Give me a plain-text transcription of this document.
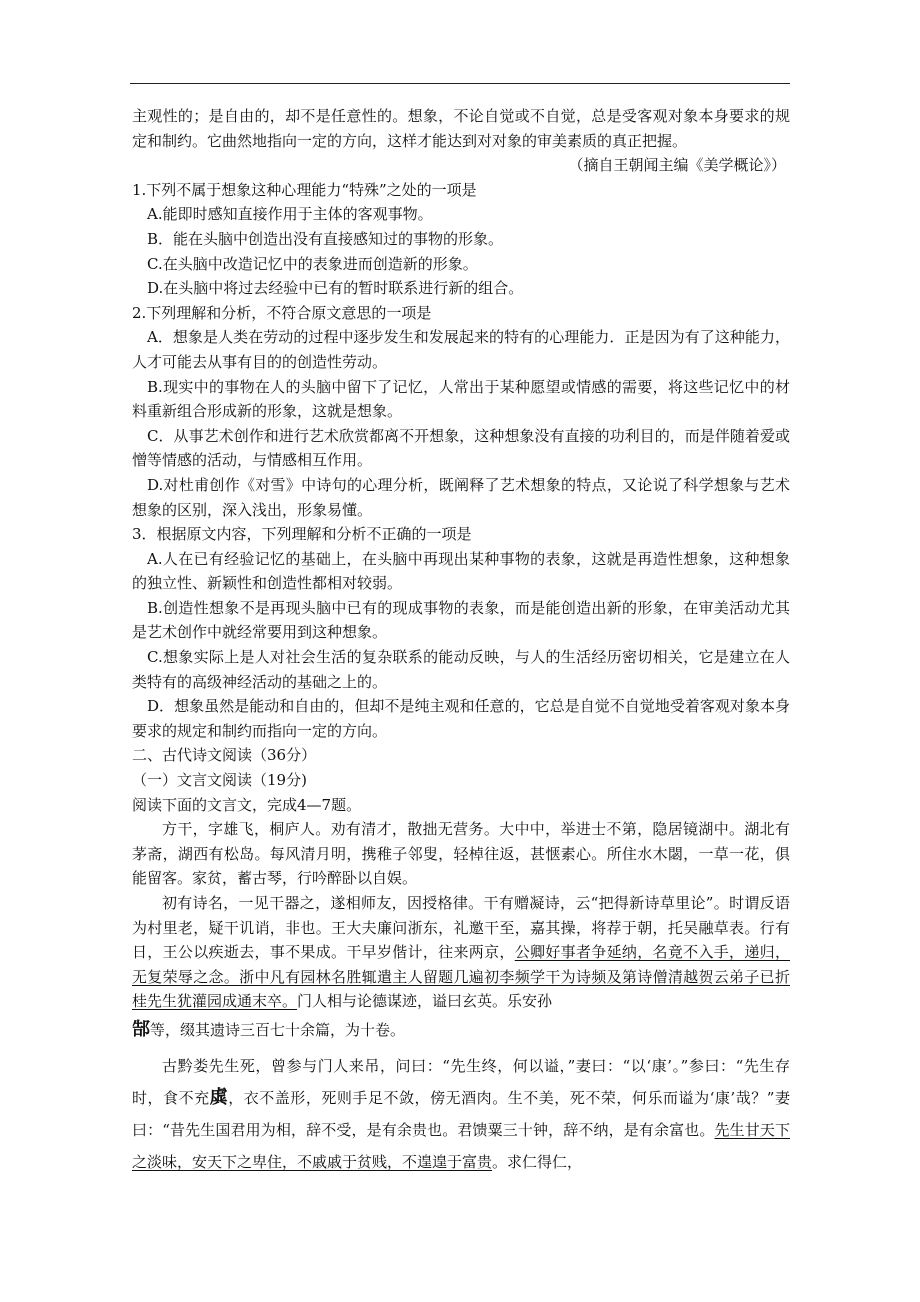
主观性的；是自由的，却不是任意性的。想象，不论自觉或不自觉，总是受客观对象本身要求的规定和制约。它曲然地指向一定的方向，这样才能达到对对象的审美素质的真正把握。

（摘自王朝闻主编《美学概论》）

1.下列不属于想象这种心理能力“特殊”之处的一项是

A.能即时感知直接作用于主体的客观事物。

B．能在头脑中创造出没有直接感知过的事物的形象。

C.在头脑中改造记忆中的表象进而创造新的形象。

D.在头脑中将过去经验中已有的暂时联系进行新的组合。

2.下列理解和分析，不符合原文意思的一项是

A．想象是人类在劳动的过程中逐步发生和发展起来的特有的心理能力．正是因为有了这种能力，人才可能去从事有目的的创造性劳动。

B.现实中的事物在人的头脑中留下了记忆，人常出于某种愿望或情感的需要，将这些记忆中的材料重新组合形成新的形象，这就是想象。

C．从事艺术创作和进行艺术欣赏都离不开想象，这种想象没有直接的功利目的，而是伴随着爱或憎等情感的活动，与情感相互作用。

D.对杜甫创作《对雪》中诗句的心理分析，既阐释了艺术想象的特点，又论说了科学想象与艺术想象的区别，深入浅出，形象易懂。

3．根据原文内容，下列理解和分析不正确的一项是

A.人在已有经验记忆的基础上，在头脑中再现出某种事物的表象，这就是再造性想象，这种想象的独立性、新颖性和创造性都相对较弱。

B.创造性想象不是再现头脑中已有的现成事物的表象，而是能创造出新的形象，在审美活动尤其是艺术创作中就经常要用到这种想象。

C.想象实际上是人对社会生活的复杂联系的能动反映，与人的生活经历密切相关，它是建立在人类特有的高级神经活动的基础之上的。

D．想象虽然是能动和自由的，但却不是纯主观和任意的，它总是自觉不自觉地受着客观对象本身要求的规定和制约而指向一定的方向。

二、古代诗文阅读（36分）

（一）文言文阅读（19分)

阅读下面的文言文，完成4—7题。

方干，字雄飞，桐庐人。劝有清才，散拙无营务。大中中，举进士不第，隐居镜湖中。湖北有茅斋，湖西有松岛。每风清月明，携稚子邻叟，轻棹往返，甚惬素心。所住水木閟，一草一花，俱能留客。家贫，蓄古琴，行吟醉卧以自娱。

初有诗名，一见干器之，遂相师友，因授格律。干有赠凝诗，云“把得新诗草里论”。时谓反语为村里老，疑干讥诮，非也。王大夫廉问浙东，礼邀干至，嘉其操，将荐于朝，托吴融草表。行有日，王公以疾逝去，事不果成。干早岁偕计，往来两京，公卿好事者争延纳，名竟不入手，递归，无复荣辱之念。浙中凡有园林名胜辄遣主人留题几遍初李频学干为诗频及第诗僧清越贺云弟子已折桂先生犹灌园成通末卒。门人相与论德谋迹，谥曰玄英。乐安孙

郜等，缀其遗诗三百七十余篇，为十卷。

古黔娄先生死，曾参与门人来吊，问曰：“先生终，何以谥，”妻曰：“以‘康’。”参曰：“先生存时，食不充虡，衣不盖形，死则手足不敛，傍无酒肉。生不美，死不荣，何乐而谥为‘康’哉？”妻曰：“昔先生国君用为相，辞不受，是有余贵也。君馈粟三十钟，辞不纳，是有余富也。先生甘天下之淡味，安天下之卑住，不戚戚于贫贱，不遑遑于富贵。求仁得仁，
